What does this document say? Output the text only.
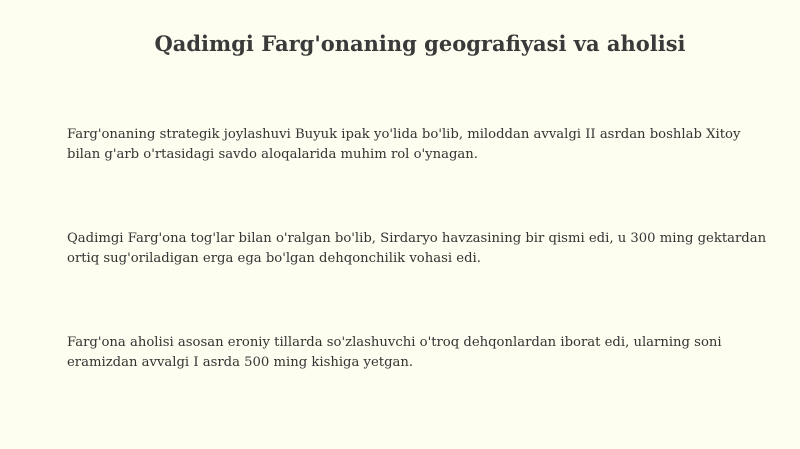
Qadimgi Farg'onaning geografiyasi va aholisi

Farg'onaning strategik joylashuvi Buyuk ipak yo'lida bo'lib, miloddan avvalgi II asrdan boshlab Xitoy bilan g'arb o'rtasidagi savdo aloqalarida muhim rol o'ynagan.

Qadimgi Farg'ona tog'lar bilan o'ralgan bo'lib, Sirdaryo havzasining bir qismi edi, u 300 ming gektardan ortiq sug'oriladigan erga ega bo'lgan dehqonchilik vohasi edi.

Farg'ona aholisi asosan eroniy tillarda so'zlashuvchi o'troq dehqonlardan iborat edi, ularning soni eramizdan avvalgi I asrda 500 ming kishiga yetgan.
